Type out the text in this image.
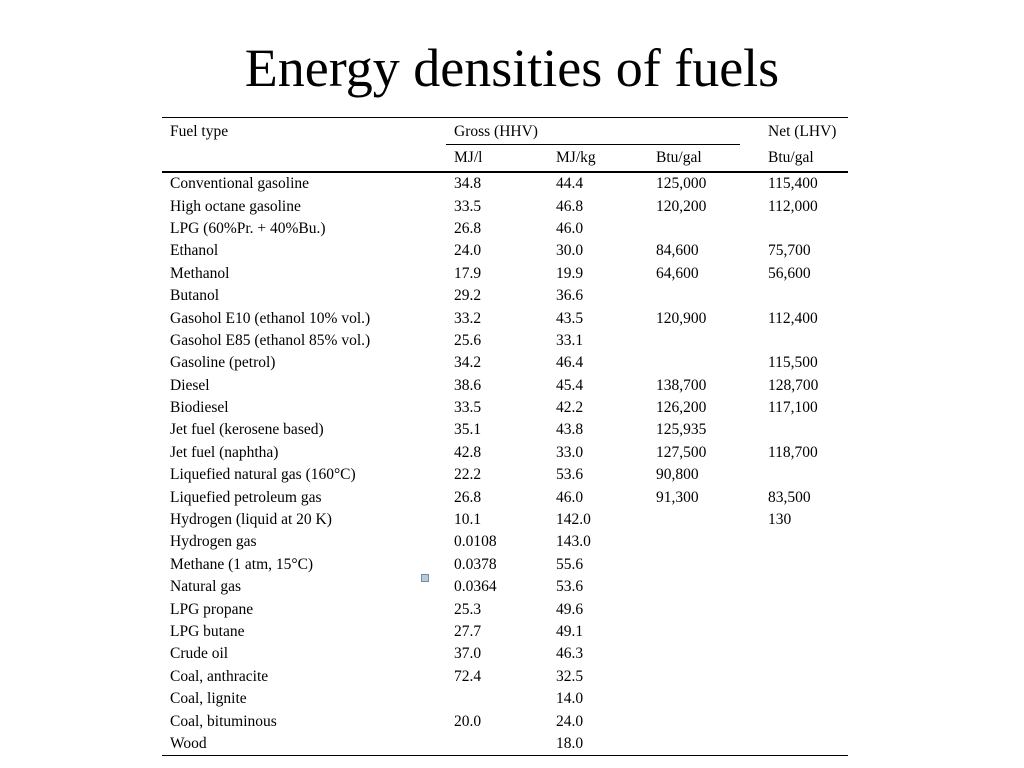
Energy densities of fuels
Fuel type	Gross (HHV)			Net (LHV)
	MJ/l	MJ/kg	Btu/gal	Btu/gal

Conventional gasoline	34.8	44.4	125,000	115,400
High octane gasoline	33.5	46.8	120,200	112,000
LPG (60%Pr. + 40%Bu.)	26.8	46.0		
Ethanol	24.0	30.0	84,600	75,700
Methanol	17.9	19.9	64,600	56,600
Butanol	29.2	36.6		
Gasohol E10 (ethanol 10% vol.)	33.2	43.5	120,900	112,400
Gasohol E85 (ethanol 85% vol.)	25.6	33.1		
Gasoline (petrol)	34.2	46.4		115,500
Diesel	38.6	45.4	138,700	128,700
Biodiesel	33.5	42.2	126,200	117,100
Jet fuel (kerosene based)	35.1	43.8	125,935	
Jet fuel (naphtha)	42.8	33.0	127,500	118,700
Liquefied natural gas (160°C)	22.2	53.6	90,800	
Liquefied petroleum gas	26.8	46.0	91,300	83,500
Hydrogen (liquid at 20 K)	10.1	142.0		130
Hydrogen gas	0.0108	143.0		
Methane (1 atm, 15°C)	0.0378	55.6		
Natural gas	0.0364	53.6		
LPG propane	25.3	49.6		
LPG butane	27.7	49.1		
Crude oil	37.0	46.3		
Coal, anthracite	72.4	32.5		
Coal, lignite		14.0		
Coal, bituminous	20.0	24.0		
Wood		18.0		
